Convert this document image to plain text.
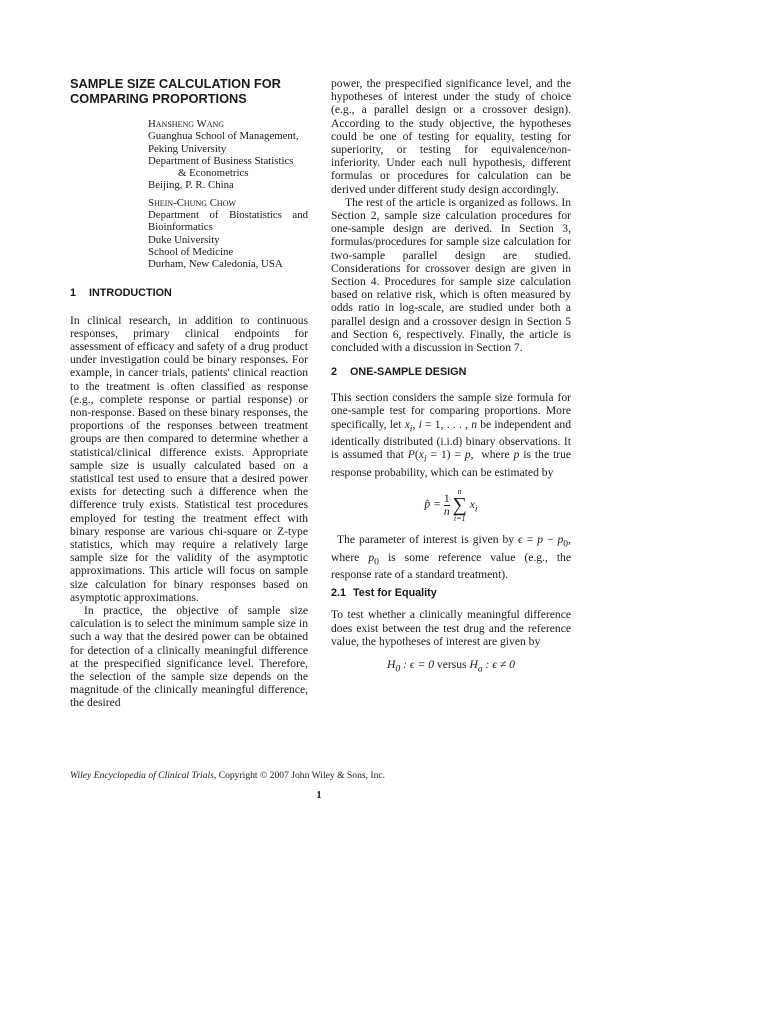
SAMPLE SIZE CALCULATION FOR COMPARING PROPORTIONS
Hansheng Wang
Guanghua School of Management,
Peking University
Department of Business Statistics
& Econometrics
Beijing, P. R. China
Shein-Chung Chow
Department of Biostatistics and Bioinformatics
Duke University
School of Medicine
Durham, New Caledonia, USA
1 INTRODUCTION

In clinical research, in addition to continuous responses, primary clinical endpoints for assessment of efficacy and safety of a drug product under investigation could be binary responses. For example, in cancer trials, patients' clinical reaction to the treatment is often classified as response (e.g., complete response or partial response) or non-response. Based on these binary responses, the proportions of the responses between treatment groups are then compared to determine whether a statistical/clinical difference exists. Appropriate sample size is usually calculated based on a statistical test used to ensure that a desired power exists for detecting such a difference when the difference truly exists. Statistical test procedures employed for testing the treatment effect with binary response are various chi-square or Z-type statistics, which may require a relatively large sample size for the validity of the asymptotic approximations. This article will focus on sample size calculation for binary responses based on asymptotic approximations.

In practice, the objective of sample size calculation is to select the minimum sample size in such a way that the desired power can be obtained for detection of a clinically meaningful difference at the prespecified significance level. Therefore, the selection of the sample size depends on the magnitude of the clinically meaningful difference, the desired

power, the prespecified significance level, and the hypotheses of interest under the study of choice (e.g., a parallel design or a crossover design). According to the study objective, the hypotheses could be one of testing for equality, testing for superiority, or testing for equivalence/non-inferiority. Under each null hypothesis, different formulas or procedures for calculation can be derived under different study design accordingly.

The rest of the article is organized as follows. In Section 2, sample size calculation procedures for one-sample design are derived. In Section 3, formulas/procedures for sample size calculation for two-sample parallel design are studied. Considerations for crossover design are given in Section 4. Procedures for sample size calculation based on relative risk, which is often measured by odds ratio in log-scale, are studied under both a parallel design and a crossover design in Section 5 and Section 6, respectively. Finally, the article is concluded with a discussion in Section 7.

2 ONE-SAMPLE DESIGN

This section considers the sample size formula for one-sample test for comparing proportions. More specifically, let $x_i$, i = 1, . . . , n be independent and identically distributed (i.i.d) binary observations. It is assumed that $P(x_i = 1) = p$,  where p is the true response probability, which can be estimated by

p̂ = $\frac{1}{n}$

n
∑
i=1
$x_i$

The parameter of interest is given by $\epsilon = p - p_0$, where $p_0$ is some reference value (e.g., the response rate of a standard treatment).

2.1 Test for Equality

To test whether a clinically meaningful difference does exist between the test drug and the reference value, the hypotheses of interest are given by

$H_0$ : ϵ = 0 versus $H_a$ : ϵ ≠ 0
Wiley Encyclopedia of Clinical Trials, Copyright © 2007 John Wiley & Sons, Inc.
1
